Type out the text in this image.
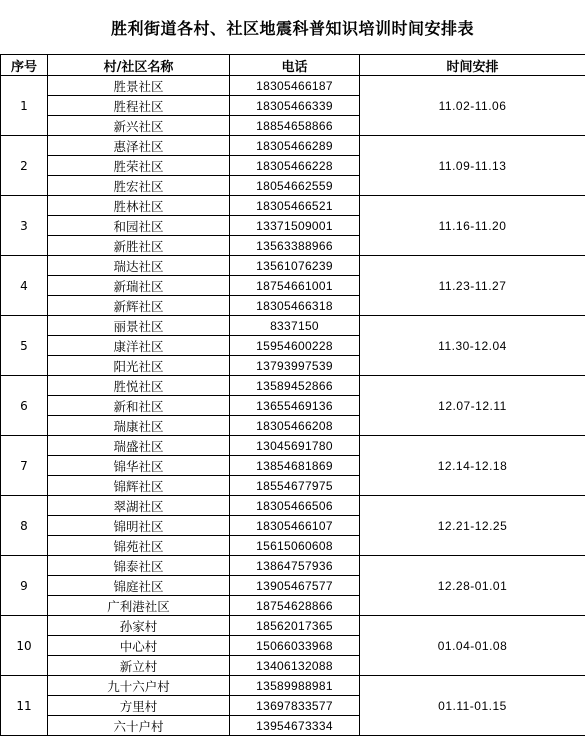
胜利街道各村、社区地震科普知识培训时间安排表
序号	村/社区名称	电话	时间安排
1	胜景社区	18305466187	11.02-11.06
	胜程社区	18305466339	
	新兴社区	18854658866	
2	惠泽社区	18305466289	11.09-11.13
	胜荣社区	18305466228	
	胜宏社区	18054662559	
3	胜林社区	18305466521	11.16-11.20
	和园社区	13371509001	
	新胜社区	13563388966	
4	瑞达社区	13561076239	11.23-11.27
	新瑞社区	18754661001	
	新辉社区	18305466318	
5	丽景社区	8337150	11.30-12.04
	康洋社区	15954600228	
	阳光社区	13793997539	
6	胜悦社区	13589452866	12.07-12.11
	新和社区	13655469136	
	瑞康社区	18305466208	
7	瑞盛社区	13045691780	12.14-12.18
	锦华社区	13854681869	
	锦辉社区	18554677975	
8	翠湖社区	18305466506	12.21-12.25
	锦明社区	18305466107	
	锦苑社区	15615060608	
9	锦泰社区	13864757936	12.28-01.01
	锦庭社区	13905467577	
	广利港社区	18754628866	
10	孙家村	18562017365	01.04-01.08
	中心村	15066033968	
	新立村	13406132088	
11	九十六户村	13589988981	01.11-01.15
	方里村	13697833577	
	六十户村	13954673334	
